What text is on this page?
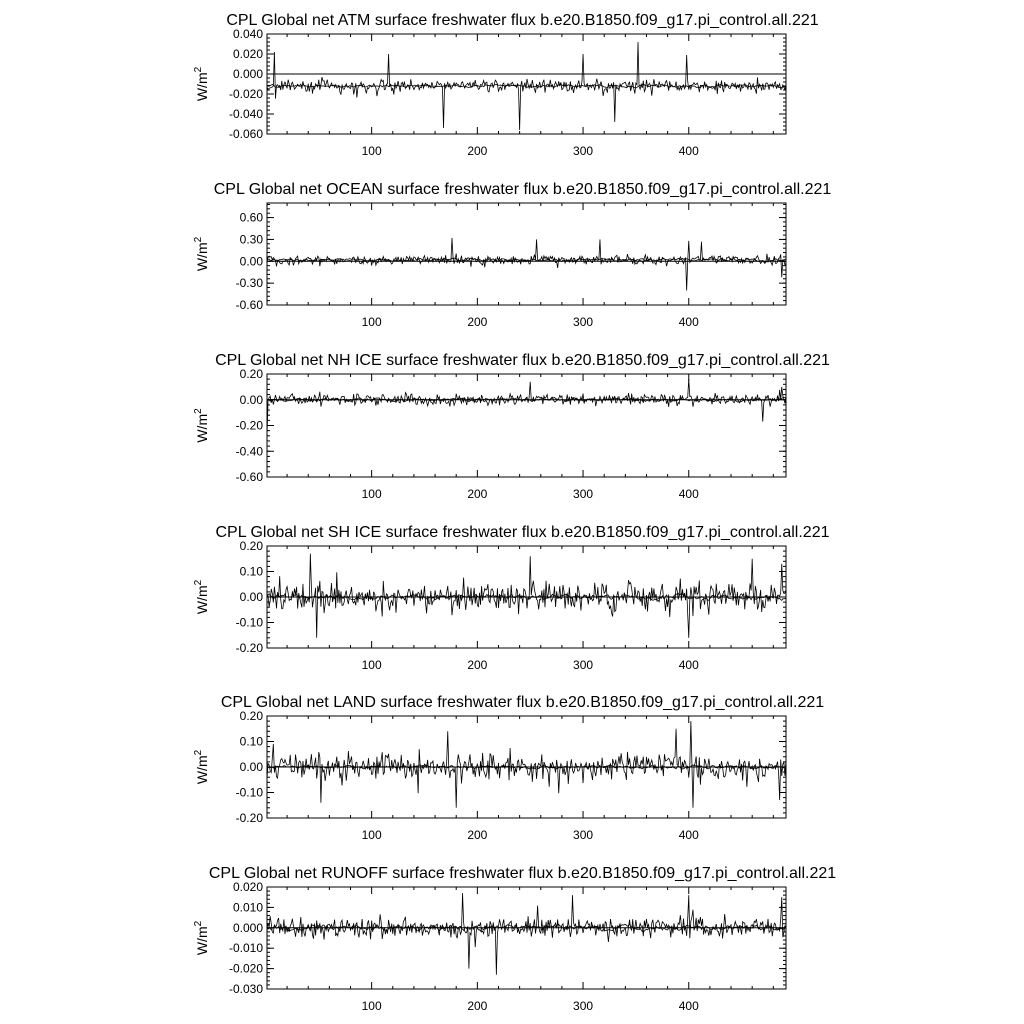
CPL Global net ATM surface freshwater flux b.e20.B1850.f09_g17.pi_control.all.221
$W/m^2$
-0.060
-0.040
-0.020
0.000
0.020
0.040
100	200	300	400
CPL Global net OCEAN surface freshwater flux b.e20.B1850.f09_g17.pi_control.all.221
$W/m^2$
-0.60
-0.30
0.00
0.30
0.60
100	200	300	400
CPL Global net NH ICE surface freshwater flux b.e20.B1850.f09_g17.pi_control.all.221
$W/m^2$
-0.60
-0.40
-0.20
0.00
0.20
100	200	300	400
CPL Global net SH ICE surface freshwater flux b.e20.B1850.f09_g17.pi_control.all.221
$W/m^2$
-0.20
-0.10
0.00
0.10
0.20
100	200	300	400
CPL Global net LAND surface freshwater flux b.e20.B1850.f09_g17.pi_control.all.221
$W/m^2$
-0.20
-0.10
0.00
0.10
0.20
100	200	300	400
CPL Global net RUNOFF surface freshwater flux b.e20.B1850.f09_g17.pi_control.all.221
$W/m^2$
-0.030
-0.020
-0.010
0.000
0.010
0.020
100	200	300	400
